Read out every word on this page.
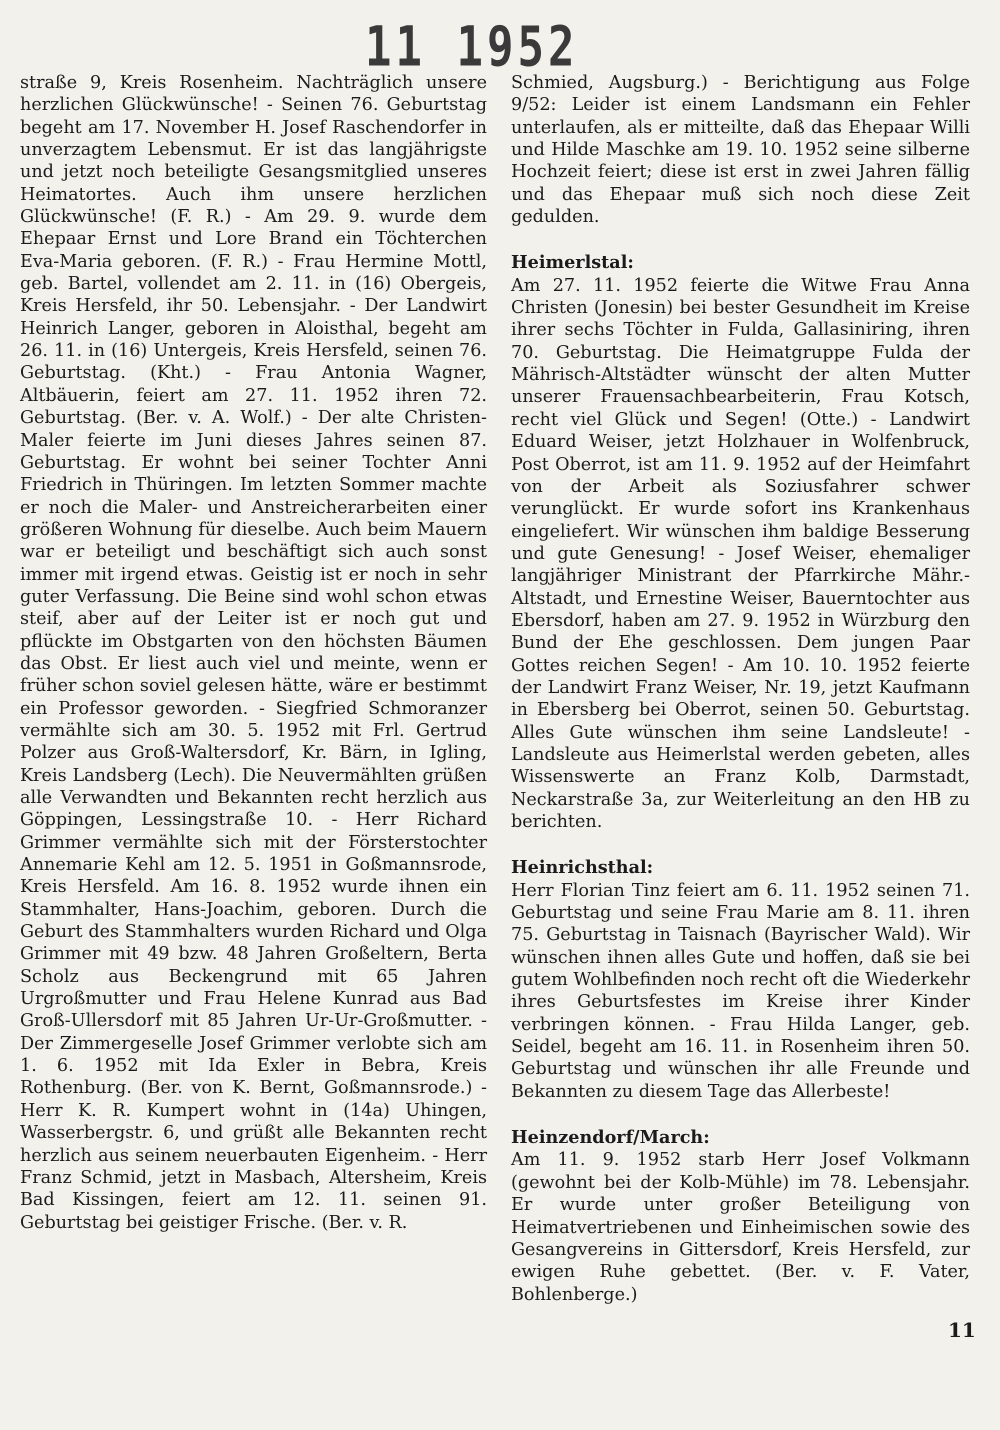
11 1952

straße 9, Kreis Rosenheim. Nachträglich unsere herzlichen Glückwünsche! - Seinen 76. Geburtstag begeht am 17. November H. Josef Raschendorfer in unverzagtem Lebensmut. Er ist das langjährigste und jetzt noch beteiligte Gesangsmitglied unseres Heimatortes. Auch ihm unsere herzlichen Glückwünsche! (F. R.) - Am 29. 9. wurde dem Ehepaar Ernst und Lore Brand ein Töchterchen Eva-Maria geboren. (F. R.) - Frau Hermine Mottl, geb. Bartel, vollendet am 2. 11. in (16) Obergeis, Kreis Hersfeld, ihr 50. Lebensjahr. - Der Landwirt Heinrich Langer, geboren in Aloisthal, begeht am 26. 11. in (16) Untergeis, Kreis Hersfeld, seinen 76. Geburtstag. (Kht.) - Frau Antonia Wagner, Altbäuerin, feiert am 27. 11. 1952 ihren 72. Geburtstag. (Ber. v. A. Wolf.) - Der alte Christen-Maler feierte im Juni dieses Jahres seinen 87. Geburtstag. Er wohnt bei seiner Tochter Anni Friedrich in Thüringen. Im letzten Sommer machte er noch die Maler- und Anstreicherarbeiten einer größeren Wohnung für dieselbe. Auch beim Mauern war er beteiligt und beschäftigt sich auch sonst immer mit irgend etwas. Geistig ist er noch in sehr guter Verfassung. Die Beine sind wohl schon etwas steif, aber auf der Leiter ist er noch gut und pflückte im Obstgarten von den höchsten Bäumen das Obst. Er liest auch viel und meinte, wenn er früher schon soviel gelesen hätte, wäre er bestimmt ein Professor geworden. - Siegfried Schmoranzer vermählte sich am 30. 5. 1952 mit Frl. Gertrud Polzer aus Groß-Waltersdorf, Kr. Bärn, in Igling, Kreis Landsberg (Lech). Die Neuvermählten grüßen alle Verwandten und Bekannten recht herzlich aus Göppingen, Lessingstraße 10. - Herr Richard Grimmer vermählte sich mit der Försterstochter Annemarie Kehl am 12. 5. 1951 in Goßmannsrode, Kreis Hersfeld. Am 16. 8. 1952 wurde ihnen ein Stammhalter, Hans-Joachim, geboren. Durch die Geburt des Stammhalters wurden Richard und Olga Grimmer mit 49 bzw. 48 Jahren Großeltern, Berta Scholz aus Beckengrund mit 65 Jahren Urgroßmutter und Frau Helene Kunrad aus Bad Groß-Ullersdorf mit 85 Jahren Ur-Ur-Großmutter. - Der Zimmergeselle Josef Grimmer verlobte sich am 1. 6. 1952 mit Ida Exler in Bebra, Kreis Rothenburg. (Ber. von K. Bernt, Goßmannsrode.) - Herr K. R. Kumpert wohnt in (14a) Uhingen, Wasserbergstr. 6, und grüßt alle Bekannten recht herzlich aus seinem neuerbauten Eigenheim. - Herr Franz Schmid, jetzt in Masbach, Altersheim, Kreis Bad Kissingen, feiert am 12. 11. seinen 91. Geburtstag bei geistiger Frische. (Ber. v. R.

Schmied, Augsburg.) - Berichtigung aus Folge 9/52: Leider ist einem Landsmann ein Fehler unterlaufen, als er mitteilte, daß das Ehepaar Willi und Hilde Maschke am 19. 10. 1952 seine silberne Hochzeit feiert; diese ist erst in zwei Jahren fällig und das Ehepaar muß sich noch diese Zeit gedulden.

Heimerlstal:

Am 27. 11. 1952 feierte die Witwe Frau Anna Christen (Jonesin) bei bester Gesundheit im Kreise ihrer sechs Töchter in Fulda, Gallasiniring, ihren 70. Geburtstag. Die Heimatgruppe Fulda der Mährisch-Altstädter wünscht der alten Mutter unserer Frauensachbearbeiterin, Frau Kotsch, recht viel Glück und Segen! (Otte.) - Landwirt Eduard Weiser, jetzt Holzhauer in Wolfenbruck, Post Oberrot, ist am 11. 9. 1952 auf der Heimfahrt von der Arbeit als Soziusfahrer schwer verunglückt. Er wurde sofort ins Krankenhaus eingeliefert. Wir wünschen ihm baldige Besserung und gute Genesung! - Josef Weiser, ehemaliger langjähriger Ministrant der Pfarrkirche Mähr.-Altstadt, und Ernestine Weiser, Bauerntochter aus Ebersdorf, haben am 27. 9. 1952 in Würzburg den Bund der Ehe geschlossen. Dem jungen Paar Gottes reichen Segen! - Am 10. 10. 1952 feierte der Landwirt Franz Weiser, Nr. 19, jetzt Kaufmann in Ebersberg bei Oberrot, seinen 50. Geburtstag. Alles Gute wünschen ihm seine Landsleute! - Landsleute aus Heimerlstal werden gebeten, alles Wissenswerte an Franz Kolb, Darmstadt, Neckarstraße 3a, zur Weiterleitung an den HB zu berichten.

Heinrichsthal:

Herr Florian Tinz feiert am 6. 11. 1952 seinen 71. Geburtstag und seine Frau Marie am 8. 11. ihren 75. Geburtstag in Taisnach (Bayrischer Wald). Wir wünschen ihnen alles Gute und hoffen, daß sie bei gutem Wohlbefinden noch recht oft die Wiederkehr ihres Geburtsfestes im Kreise ihrer Kinder verbringen können. - Frau Hilda Langer, geb. Seidel, begeht am 16. 11. in Rosenheim ihren 50. Geburtstag und wünschen ihr alle Freunde und Bekannten zu diesem Tage das Allerbeste!

Heinzendorf/March:

Am 11. 9. 1952 starb Herr Josef Volkmann (gewohnt bei der Kolb-Mühle) im 78. Lebensjahr. Er wurde unter großer Beteiligung von Heimatvertriebenen und Einheimischen sowie des Gesangvereins in Gittersdorf, Kreis Hersfeld, zur ewigen Ruhe gebettet. (Ber. v. F. Vater, Bohlenberge.)

11
